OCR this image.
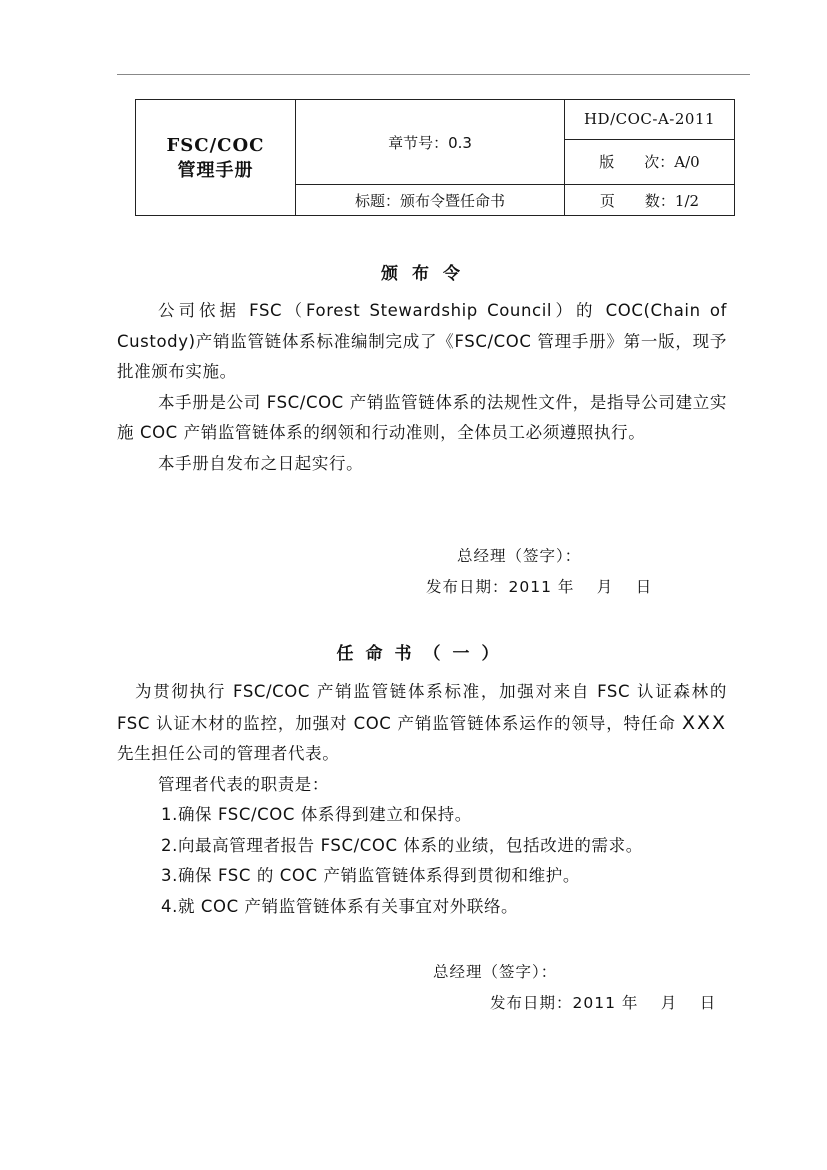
FSC/COC
管理手册	章节号：0.3	HD/COC-A-2011
		版　　次：A/0
	标题：颁布令暨任命书	页　　数：1/2
颁布令

公司依据 FSC（Forest Stewardship Council）的 COC(Chain of Custody)产销监管链体系标准编制完成了《FSC/COC 管理手册》第一版，现予批准颁布实施。

本手册是公司 FSC/COC 产销监管链体系的法规性文件，是指导公司建立实施 COC 产销监管链体系的纲领和行动准则，全体员工必须遵照执行。

本手册自发布之日起实行。

总经理（签字）：
发布日期：2011 年　 月　 日
任命书（一）

为贯彻执行 FSC/COC 产销监管链体系标准，加强对来自 FSC 认证森林的 FSC 认证木材的监控，加强对 COC 产销监管链体系运作的领导，特任命 XXX 先生担任公司的管理者代表。

管理者代表的职责是：

1.确保 FSC/COC 体系得到建立和保持。

2.向最高管理者报告 FSC/COC 体系的业绩，包括改进的需求。

3.确保 FSC 的 COC 产销监管链体系得到贯彻和维护。

4.就 COC 产销监管链体系有关事宜对外联络。

总经理（签字）：
发布日期：2011 年　 月　 日
